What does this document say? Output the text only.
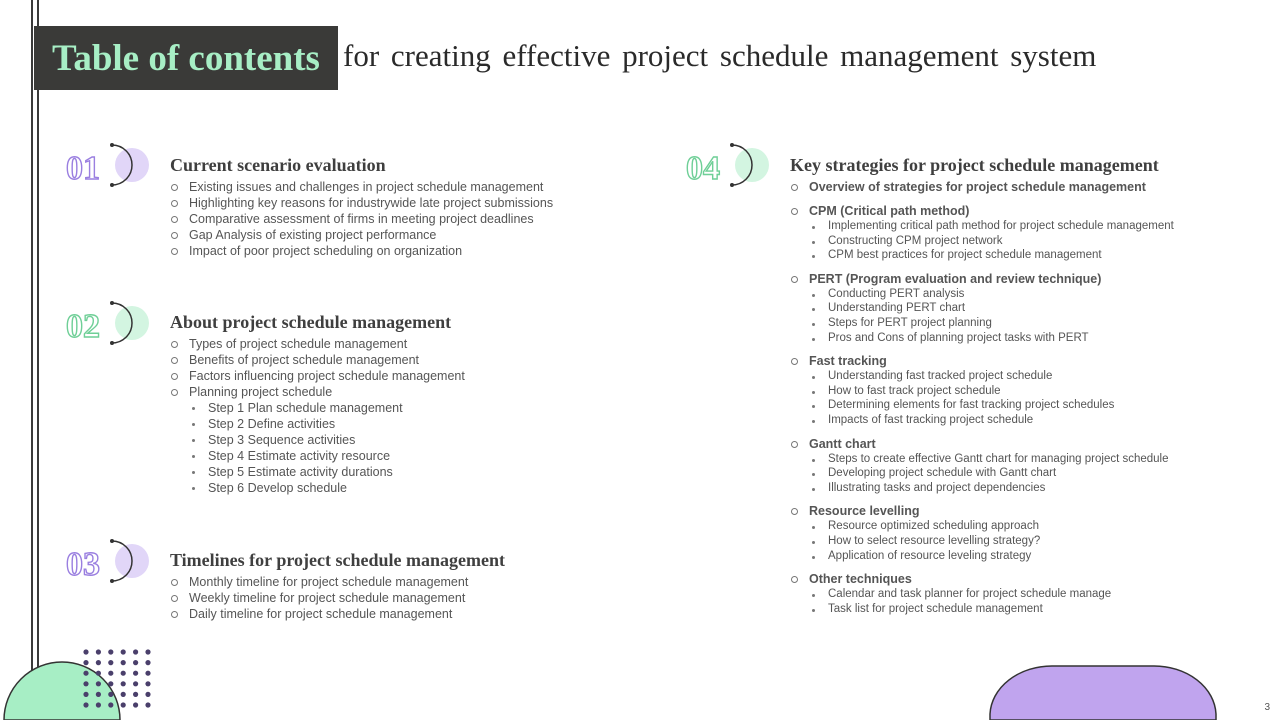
Table of contents for creating effective project schedule management system
01	Current scenario evaluation
Existing issues and challenges in project schedule management
Highlighting key reasons for industrywide late project submissions
Comparative assessment of firms in meeting project deadlines
Gap Analysis of existing project performance
Impact of poor project scheduling on organization
02	About project schedule management
Types of project schedule management
Benefits of project schedule management
Factors influencing project schedule management
Planning project schedule
Step 1 Plan schedule management
Step 2 Define activities
Step 3 Sequence activities
Step 4 Estimate activity resource
Step 5 Estimate activity durations
Step 6 Develop schedule
03	Timelines for project schedule management
Monthly timeline for project schedule management
Weekly timeline for project schedule management
Daily timeline for project schedule management
04	Key strategies for project schedule management
Overview of strategies for project schedule management
CPM (Critical path method)
Implementing critical path method for project schedule management
Constructing CPM project network
CPM best practices for project schedule management
PERT (Program evaluation and review technique)
Conducting PERT analysis
Understanding PERT chart
Steps for PERT project planning
Pros and Cons of planning project tasks with PERT
Fast tracking
Understanding fast tracked project schedule
How to fast track project schedule
Determining elements for fast tracking project schedules
Impacts of fast tracking project schedule
Gantt chart
Steps to create effective Gantt chart for managing project schedule
Developing project schedule with Gantt chart
Illustrating tasks and project dependencies
Resource levelling
Resource optimized scheduling approach
How to select resource levelling strategy?
Application of resource leveling strategy
Other techniques
Calendar and task planner for project schedule manage
Task list for project schedule management
3
